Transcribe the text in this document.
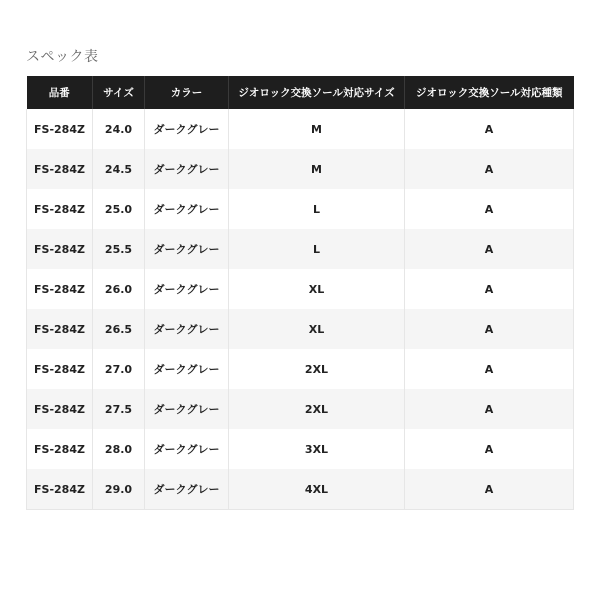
スペック表
品番	サイズ	カラー	ジオロック交換ソール対応サイズ	ジオロック交換ソール対応種類
FS-284Z	24.0	ダークグレー	M	A
FS-284Z	24.5	ダークグレー	M	A
FS-284Z	25.0	ダークグレー	L	A
FS-284Z	25.5	ダークグレー	L	A
FS-284Z	26.0	ダークグレー	XL	A
FS-284Z	26.5	ダークグレー	XL	A
FS-284Z	27.0	ダークグレー	2XL	A
FS-284Z	27.5	ダークグレー	2XL	A
FS-284Z	28.0	ダークグレー	3XL	A
FS-284Z	29.0	ダークグレー	4XL	A
